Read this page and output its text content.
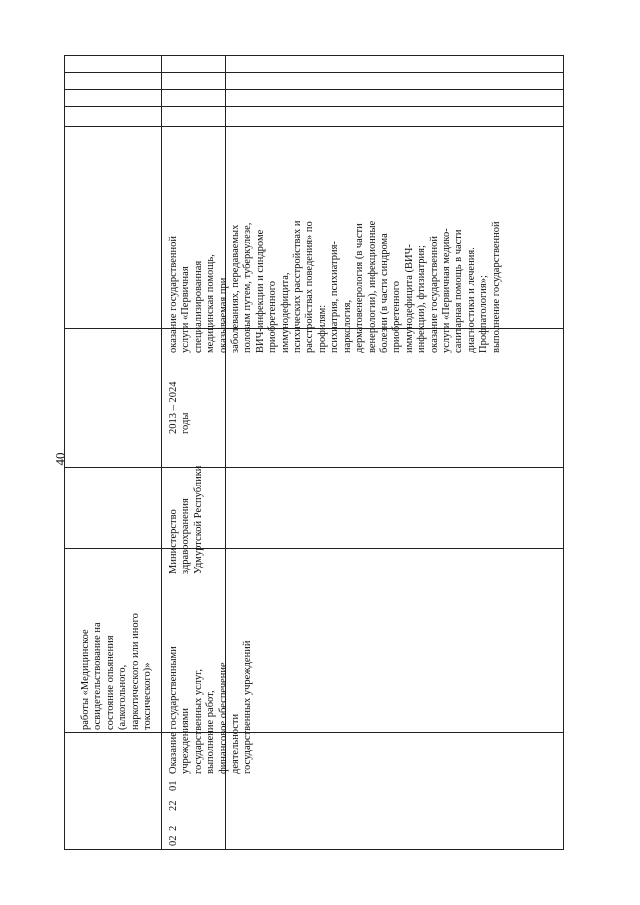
40
работы «Медицинское
освидетельствование на
состояние опьянения
(алкогольного,
наркотического или иного
токсического)»
02
2
22
01
Оказание государственными
учреждениями
государственных услуг,
выполнение работ,
финансовое обеспечение
деятельности
государственных учреждений
Министерство здравоохранения
Удмуртской Республики
2013 – 2024
годы
оказание государственной
услуги «Первичная
специализированная
медицинская помощь,
оказываемая при
заболеваниях, передаваемых
половым путем, туберкулезе,
ВИЧ-инфекции и синдроме
приобретенного
иммунодефицита,
психических расстройствах и
расстройствах поведения» по
профилям:
психиатрия, психиатрия-
наркология,
дерматовенерология (в части
венерологии), инфекционные
болезни (в части синдрома
приобретенного
иммунодефицита (ВИЧ-
инфекции), фтизиатрия;
оказание государственной
услуги «Первичная медико-
санитарная помощь в части
диагностики и лечения.
Профпатология»;
выполнение государственной
